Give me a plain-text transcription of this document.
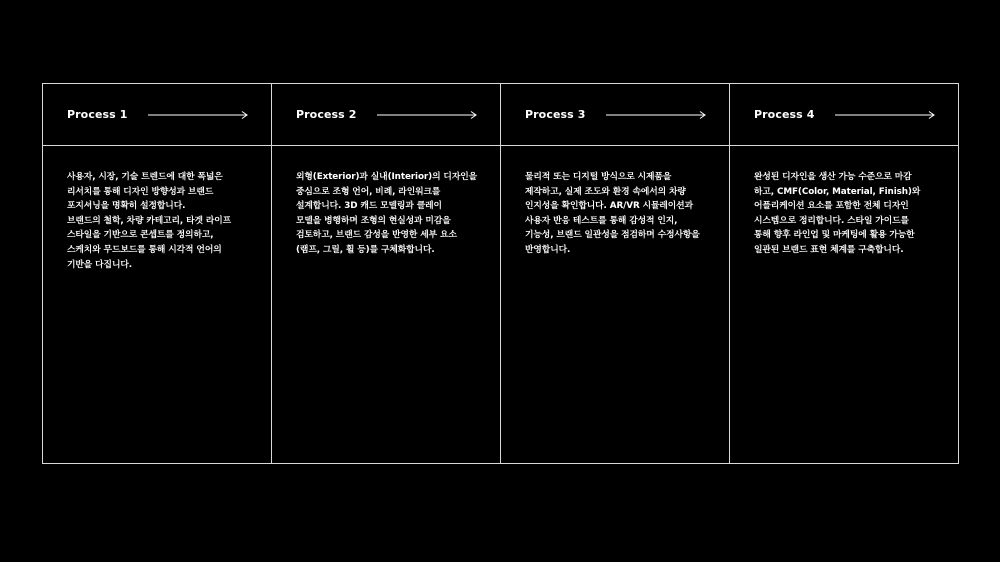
Process 1
사용자, 시장, 기술 트렌드에 대한 폭넓은
리서치를 통해 디자인 방향성과 브랜드
포지셔닝을 명확히 설정합니다.
브랜드의 철학, 차량 카테고리, 타겟 라이프
스타일을 기반으로 콘셉트를 정의하고,
스케치와 무드보드를 통해 시각적 언어의
기반을 다집니다.
Process 2
외형(Exterior)과 실내(Interior)의 디자인을
중심으로 조형 언어, 비례, 라인워크를
설계합니다. 3D 캐드 모델링과 클레이
모델을 병행하며 조형의 현실성과 미감을
검토하고, 브랜드 감성을 반영한 세부 요소
(램프, 그릴, 휠 등)를 구체화합니다.
Process 3
물리적 또는 디지털 방식으로 시제품을
제작하고, 실제 조도와 환경 속에서의 차량
인지성을 확인합니다. AR/VR 시뮬레이션과
사용자 반응 테스트를 통해 감성적 인지,
기능성, 브랜드 일관성을 점검하며 수정사항을
반영합니다.
Process 4
완성된 디자인을 생산 가능 수준으로 마감
하고, CMF(Color, Material, Finish)와
어플리케이션 요소를 포함한 전체 디자인
시스템으로 정리합니다. 스타일 가이드를
통해 향후 라인업 및 마케팅에 활용 가능한
일관된 브랜드 표현 체계를 구축합니다.
